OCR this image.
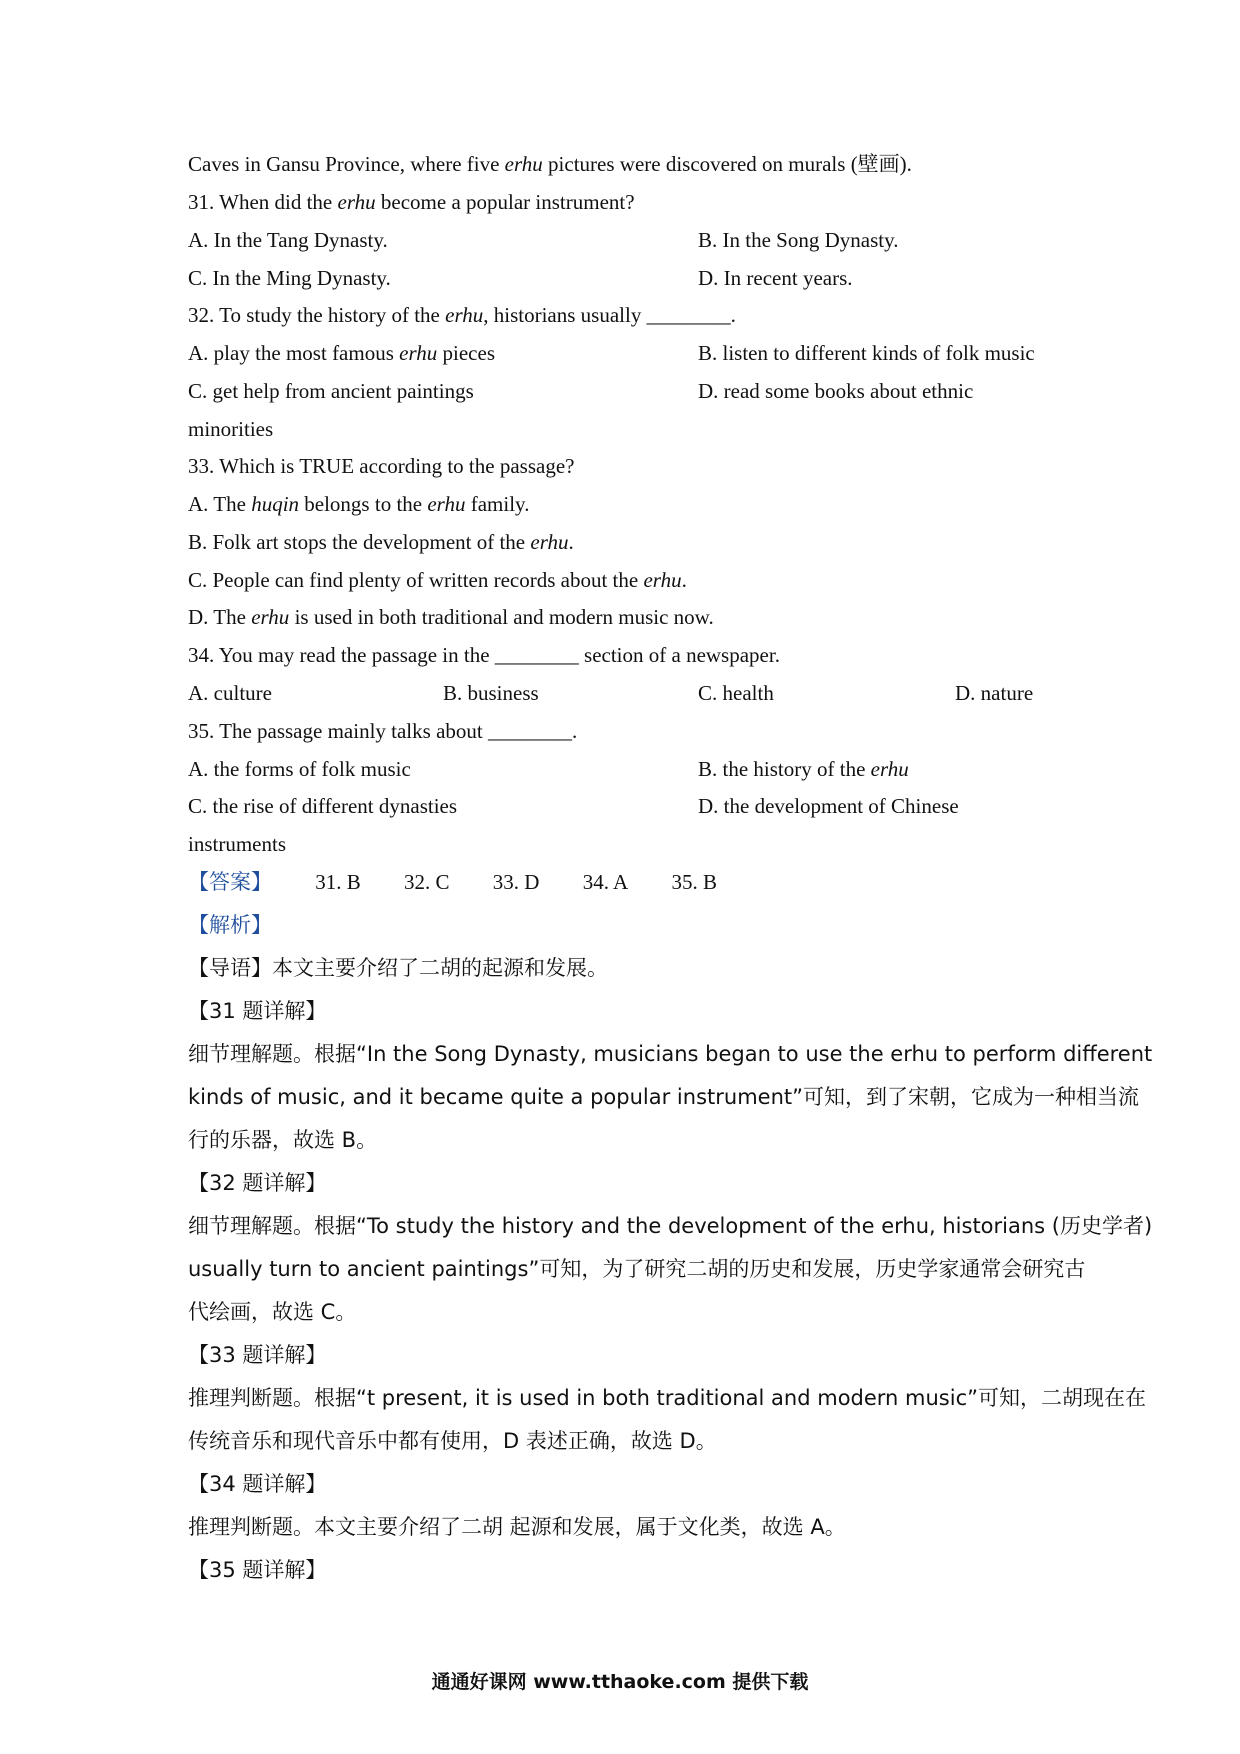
Caves in Gansu Province, where five erhu pictures were discovered on murals (壁画).
31. When did the erhu become a popular instrument?
A. In the Tang Dynasty.	B. In the Song Dynasty.
C. In the Ming Dynasty.	D. In recent years.
32. To study the history of the erhu, historians usually ________.
A. play the most famous erhu pieces	B. listen to different kinds of folk music
C. get help from ancient paintings	D. read some books about ethnic
minorities
33. Which is TRUE according to the passage?
A. The huqin belongs to the erhu family.
B. Folk art stops the development of the erhu.
C. People can find plenty of written records about the erhu.
D. The erhu is used in both traditional and modern music now.
34. You may read the passage in the ________ section of a newspaper.
A. culture	B. business	C. health	D. nature
35. The passage mainly talks about ________.
A. the forms of folk music	B. the history of the erhu
C. the rise of different dynasties	D. the development of Chinese
instruments
【答案】 31. B 32. C 33. D 34. A 35. B
【解析】
【导语】本文主要介绍了二胡的起源和发展。
【31 题详解】
细节理解题。根据“In the Song Dynasty, musicians began to use the erhu to perform different
kinds of music, and it became quite a popular instrument”可知，到了宋朝，它成为一种相当流
行的乐器，故选 B。
【32 题详解】
细节理解题。根据“To study the history and the development of the erhu, historians (历史学者)
usually turn to ancient paintings”可知，为了研究二胡的历史和发展，历史学家通常会研究古
代绘画，故选 C。
【33 题详解】
推理判断题。根据“t present, it is used in both traditional and modern music”可知，二胡现在在
传统音乐和现代音乐中都有使用，D 表述正确，故选 D。
【34 题详解】
推理判断题。本文主要介绍了二胡 起源和发展，属于文化类，故选 A。
【35 题详解】
通通好课网 www.tthaoke.com 提供下载
